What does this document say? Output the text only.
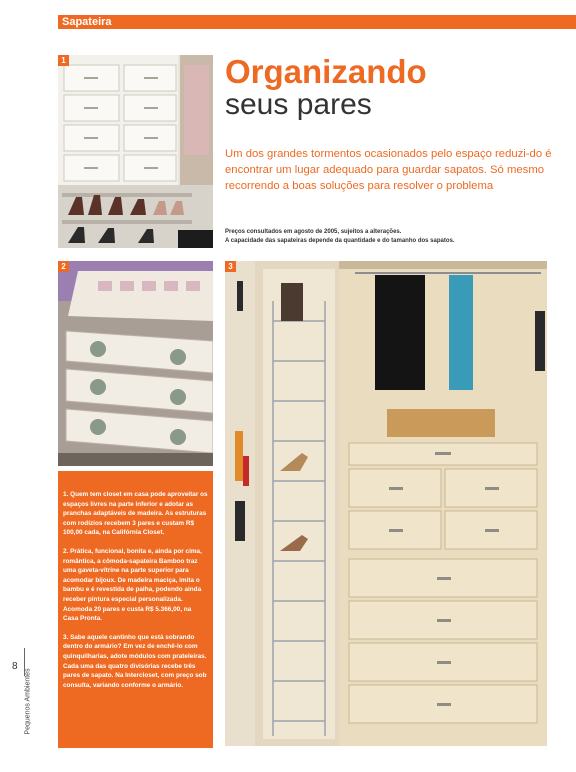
Sapateira
1	Organizando
seus pares
Um dos grandes tormentos ocasionados pelo espaço reduzi-do é encontrar um lugar adequado para guardar sapatos. Só mesmo recorrendo a boas soluções para resolver o problema
Preços consultados em agosto de 2005, sujeitos a alterações.
A capacidade das sapateiras depende da quantidade e do tamanho dos sapatos.
2	3

1. Quem tem closet em casa pode aproveitar os espaços livres na parte inferior e adotar as pranchas adaptáveis de madeira. As estruturas com rodízios recebem 3 pares e custam R$ 100,00 cada, na Califórnia Closet.

2. Prática, funcional, bonita e, ainda por cima, romântica, a cômoda-sapateira Bamboo traz uma gaveta-vitrine na parte superior para acomodar bijoux. De madeira maciça, imita o bambu e é revestida de palha, podendo ainda receber pintura especial personalizada. Acomoda 20 pares e custa R$ 5.366,00, na Casa Pronta.

3. Sabe aquele cantinho que está sobrando dentro do armário? Em vez de enchê-lo com quinquilharias, adote módulos com prateleiras. Cada uma das quatro divisórias recebe três pares de sapato. Na Intercloset, com preço sob consulta, variando conforme o armário.

8
Pequenos Ambientes
